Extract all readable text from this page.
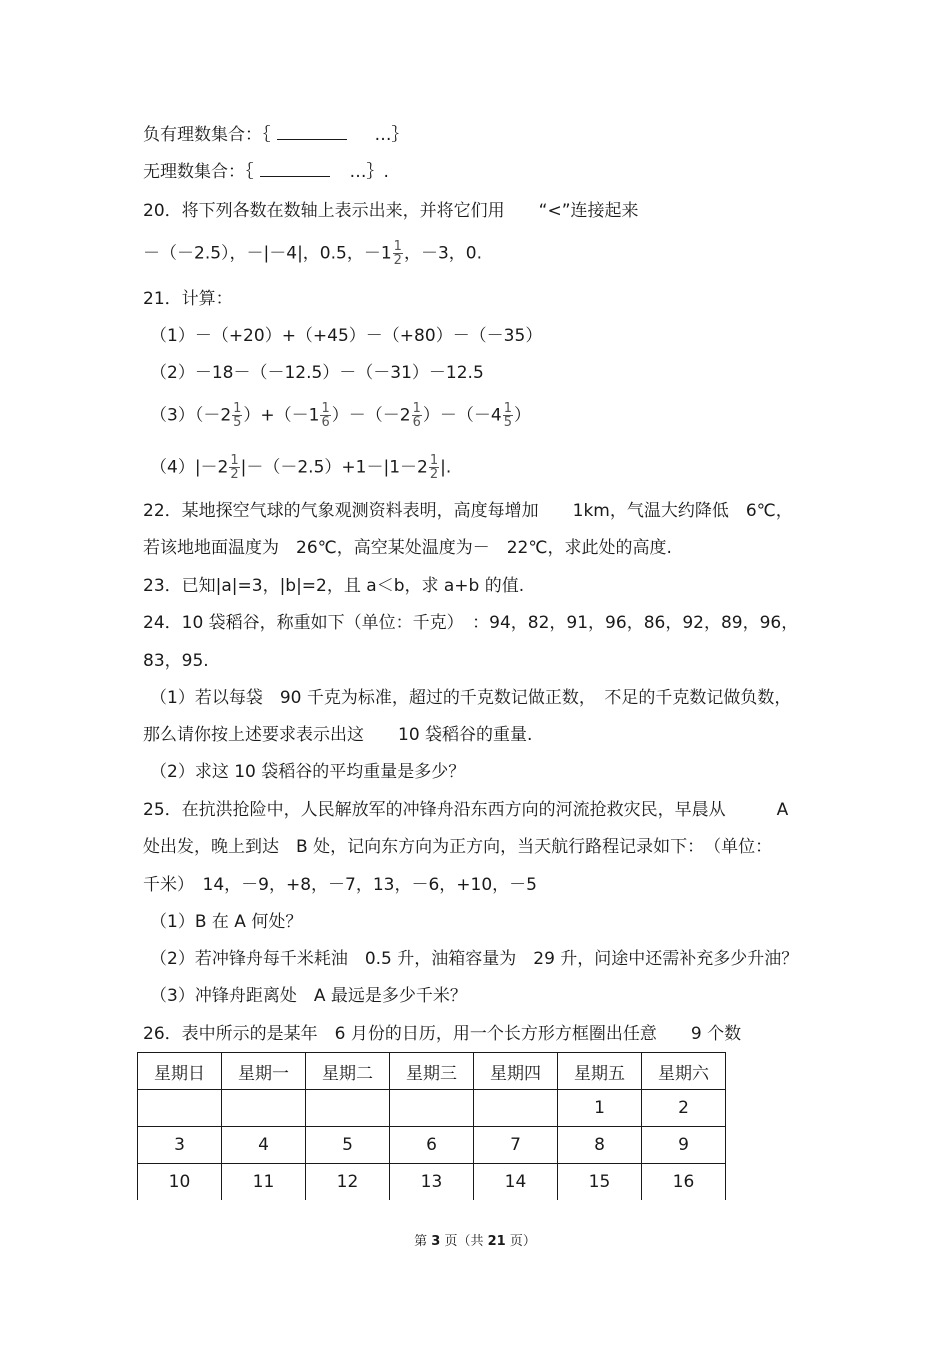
负有理数集合：｛	…｝
无理数集合：｛	…｝.
20．将下列各数在数轴上表示出来，并将它们用 “<”连接起来
－（－2.5），－|－4|，0.5，$-1 \frac{1}{2}$ ，－3，0.
21．计算：
（1）－（+20）+（+45）－（+80）－（－35）
（2）－18－（－12.5）－（－31）－12.5
$(3)(-2 \frac{1}{5} )+(-1 \frac{1}{6} )-(-2 \frac{1}{6} )-(-4 \frac{1}{5}$ ）
$(4)|-2 \frac{1}{2} |-(-2.5)+1-|1-2 \frac{1}{2}$ |.
22．某地探空气球的气象观测资料表明，高度每增加　　1km，气温大约降低　6℃，
若该地地面温度为　26℃，高空某处温度为－　22℃，求此处的高度.
23．已知|a|=3，|b|=2，且 a＜b，求 a+b 的值.
24．10 袋稻谷，称重如下（单位：千克）　：94，82，91，96，86，92，89，96，
83，95.
（1）若以每袋　90 千克为标准，超过的千克数记做正数，　不足的千克数记做负数，
那么请你按上述要求表示出这　　10 袋稻谷的重量.
（2）求这 10 袋稻谷的平均重量是多少？
25．在抗洪抢险中，人民解放军的冲锋舟沿东西方向的河流抢救灾民，早晨从　　　A
处出发，晚上到达　B 处，记向东方向为正方向，当天航行路程记录如下：　（单位：
千米）　14，－9，+8，－7，13，－6，+10，－5
（1）B 在 A 何处？
（2）若冲锋舟每千米耗油　0.5 升，油箱容量为　29 升，问途中还需补充多少升油？
（3）冲锋舟距离处　A 最远是多少千米？
26．表中所示的是某年　6 月份的日历，用一个长方形方框圈出任意　　9 个数
星期日	星期一	星期二	星期三	星期四	星期五	星期六
					1	2
3	4	5	6	7	8	9
10	11	12	13	14	15	16
第 3 页（共 21 页）
